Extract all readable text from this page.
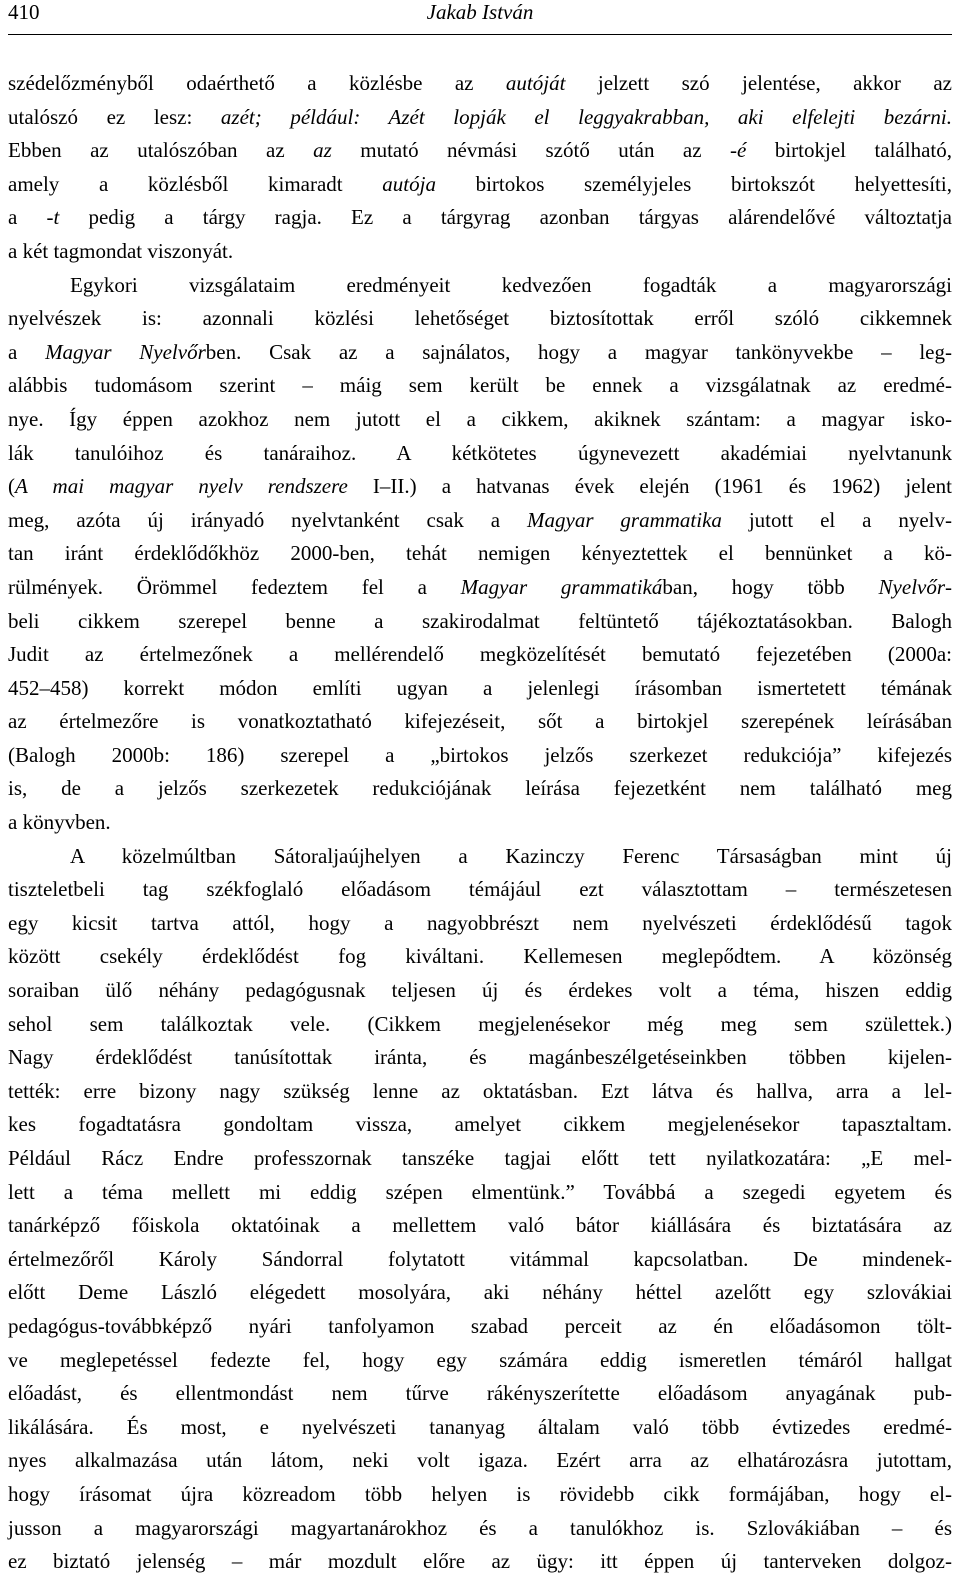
410	Jakab István
szédelőzményből odaérthető a közlésbe az autóját jelzett szó jelentése, akkor az
utalószó ez lesz: azét; például: Azét lopják el leggyakrabban, aki elfelejti bezárni.
Ebben az utalószóban az az mutató névmási szótő után az -é birtokjel található,
amely a közlésből kimaradt autója birtokos személyjeles birtokszót helyettesíti,
a -t pedig a tárgy ragja. Ez a tárgyrag azonban tárgyas alárendelővé változtatja
a két tagmondat viszonyát.
Egykori vizsgálataim eredményeit kedvezően fogadták a magyarországi
nyelvészek is: azonnali közlési lehetőséget biztosítottak erről szóló cikkemnek
a Magyar Nyelvőrben. Csak az a sajnálatos, hogy a magyar tankönyvekbe – leg-
alábbis tudomásom szerint – máig sem került be ennek a vizsgálatnak az eredmé-
nye. Így éppen azokhoz nem jutott el a cikkem, akiknek szántam: a magyar isko-
lák tanulóihoz és tanáraihoz. A kétkötetes úgynevezett akadémiai nyelvtanunk
(A mai magyar nyelv rendszere I–II.) a hatvanas évek elején (1961 és 1962) jelent
meg, azóta új irányadó nyelvtanként csak a Magyar grammatika jutott el a nyelv-
tan iránt érdeklődőkhöz 2000-ben, tehát nemigen kényeztettek el bennünket a kö-
rülmények. Örömmel fedeztem fel a Magyar grammatikában, hogy több Nyelvőr-
beli cikkem szerepel benne a szakirodalmat feltüntető tájékoztatásokban. Balogh
Judit az értelmezőnek a mellérendelő megközelítését bemutató fejezetében (2000a:
452–458) korrekt módon említi ugyan a jelenlegi írásomban ismertetett témának
az értelmezőre is vonatkoztatható kifejezéseit, sőt a birtokjel szerepének leírásában
(Balogh 2000b: 186) szerepel a „birtokos jelzős szerkezet redukciója” kifejezés
is, de a jelzős szerkezetek redukciójának leírása fejezetként nem található meg
a könyvben.
A közelmúltban Sátoraljaújhelyen a Kazinczy Ferenc Társaságban mint új
tiszteletbeli tag székfoglaló előadásom témájául ezt választottam – természetesen
egy kicsit tartva attól, hogy a nagyobbrészt nem nyelvészeti érdeklődésű tagok
között csekély érdeklődést fog kiváltani. Kellemesen meglepődtem. A közönség
soraiban ülő néhány pedagógusnak teljesen új és érdekes volt a téma, hiszen eddig
sehol sem találkoztak vele. (Cikkem megjelenésekor még meg sem születtek.)
Nagy érdeklődést tanúsítottak iránta, és magánbeszélgetéseinkben többen kijelen-
tették: erre bizony nagy szükség lenne az oktatásban. Ezt látva és hallva, arra a lel-
kes fogadtatásra gondoltam vissza, amelyet cikkem megjelenésekor tapasztaltam.
Például Rácz Endre professzornak tanszéke tagjai előtt tett nyilatkozatára: „E mel-
lett a téma mellett mi eddig szépen elmentünk.” Továbbá a szegedi egyetem és
tanárképző főiskola oktatóinak a mellettem való bátor kiállására és biztatására az
értelmezőről Károly Sándorral folytatott vitámmal kapcsolatban. De mindenek-
előtt Deme László elégedett mosolyára, aki néhány héttel azelőtt egy szlovákiai
pedagógus-továbbképző nyári tanfolyamon szabad perceit az én előadásomon tölt-
ve meglepetéssel fedezte fel, hogy egy számára eddig ismeretlen témáról hallgat
előadást, és ellentmondást nem tűrve rákényszerítette előadásom anyagának pub-
likálására. És most, e nyelvészeti tananyag általam való több évtizedes eredmé-
nyes alkalmazása után látom, neki volt igaza. Ezért arra az elhatározásra jutottam,
hogy írásomat újra közreadom több helyen is rövidebb cikk formájában, hogy el-
jusson a magyarországi magyartanárokhoz és a tanulókhoz is. Szlovákiában – és
ez biztató jelenség – már mozdult előre az ügy: itt éppen új tanterveken dolgoz-
